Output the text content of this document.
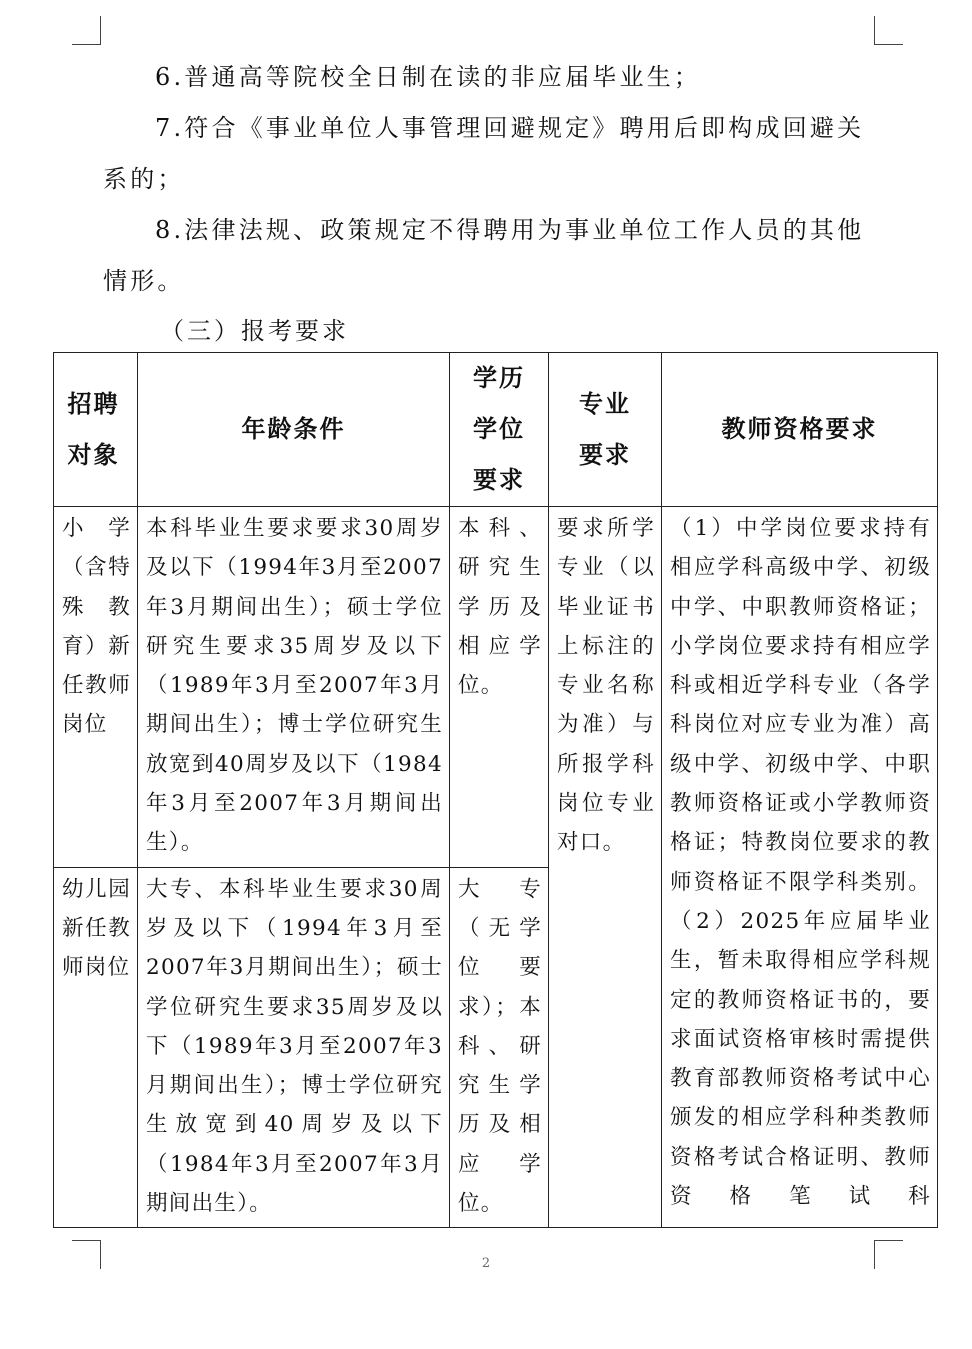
6.普通高等院校全日制在读的非应届毕业生；

7.符合《事业单位人事管理回避规定》聘用后即构成回避关系的；

8.法律法规、政策规定不得聘用为事业单位工作人员的其他情形。

（三）报考要求
招聘对象	年龄条件	学历学位要求	专业要求	教师资格要求
小学（含特殊教育）新任教师岗位	本科毕业生要求要求30周岁及以下（1994年3月至2007年3月期间出生）；硕士学位研究生要求35周岁及以下（1989年3月至2007年3月期间出生）；博士学位研究生放宽到40周岁及以下（1984年3月至2007年3月期间出生）。	本科、研究生学历及相应学位。	要求所学专业（以毕业证书上标注的专业名称为准）与所报学科岗位专业对口。	（1）中学岗位要求持有相应学科高级中学、初级中学、中职教师资格证；小学岗位要求持有相应学科或相近学科专业（各学科岗位对应专业为准）高级中学、初级中学、中职教师资格证或小学教师资格证；特教岗位要求的教师资格证不限学科类别。（2）2025年应届毕业生，暂未取得相应学科规定的教师资格证书的，要求面试资格审核时需提供教育部教师资格考试中心颁发的相应学科种类教师资格考试合格证明、教师资格笔试科
幼儿园新任教师岗位	大专、本科毕业生要求30周岁及以下（1994年3月至2007年3月期间出生）；硕士学位研究生要求35周岁及以下（1989年3月至2007年3月期间出生）；博士学位研究生放宽到40周岁及以下（1984年3月至2007年3月期间出生）。	大专（无学位要求）；本科、研究生学历及相应学位。		
2
